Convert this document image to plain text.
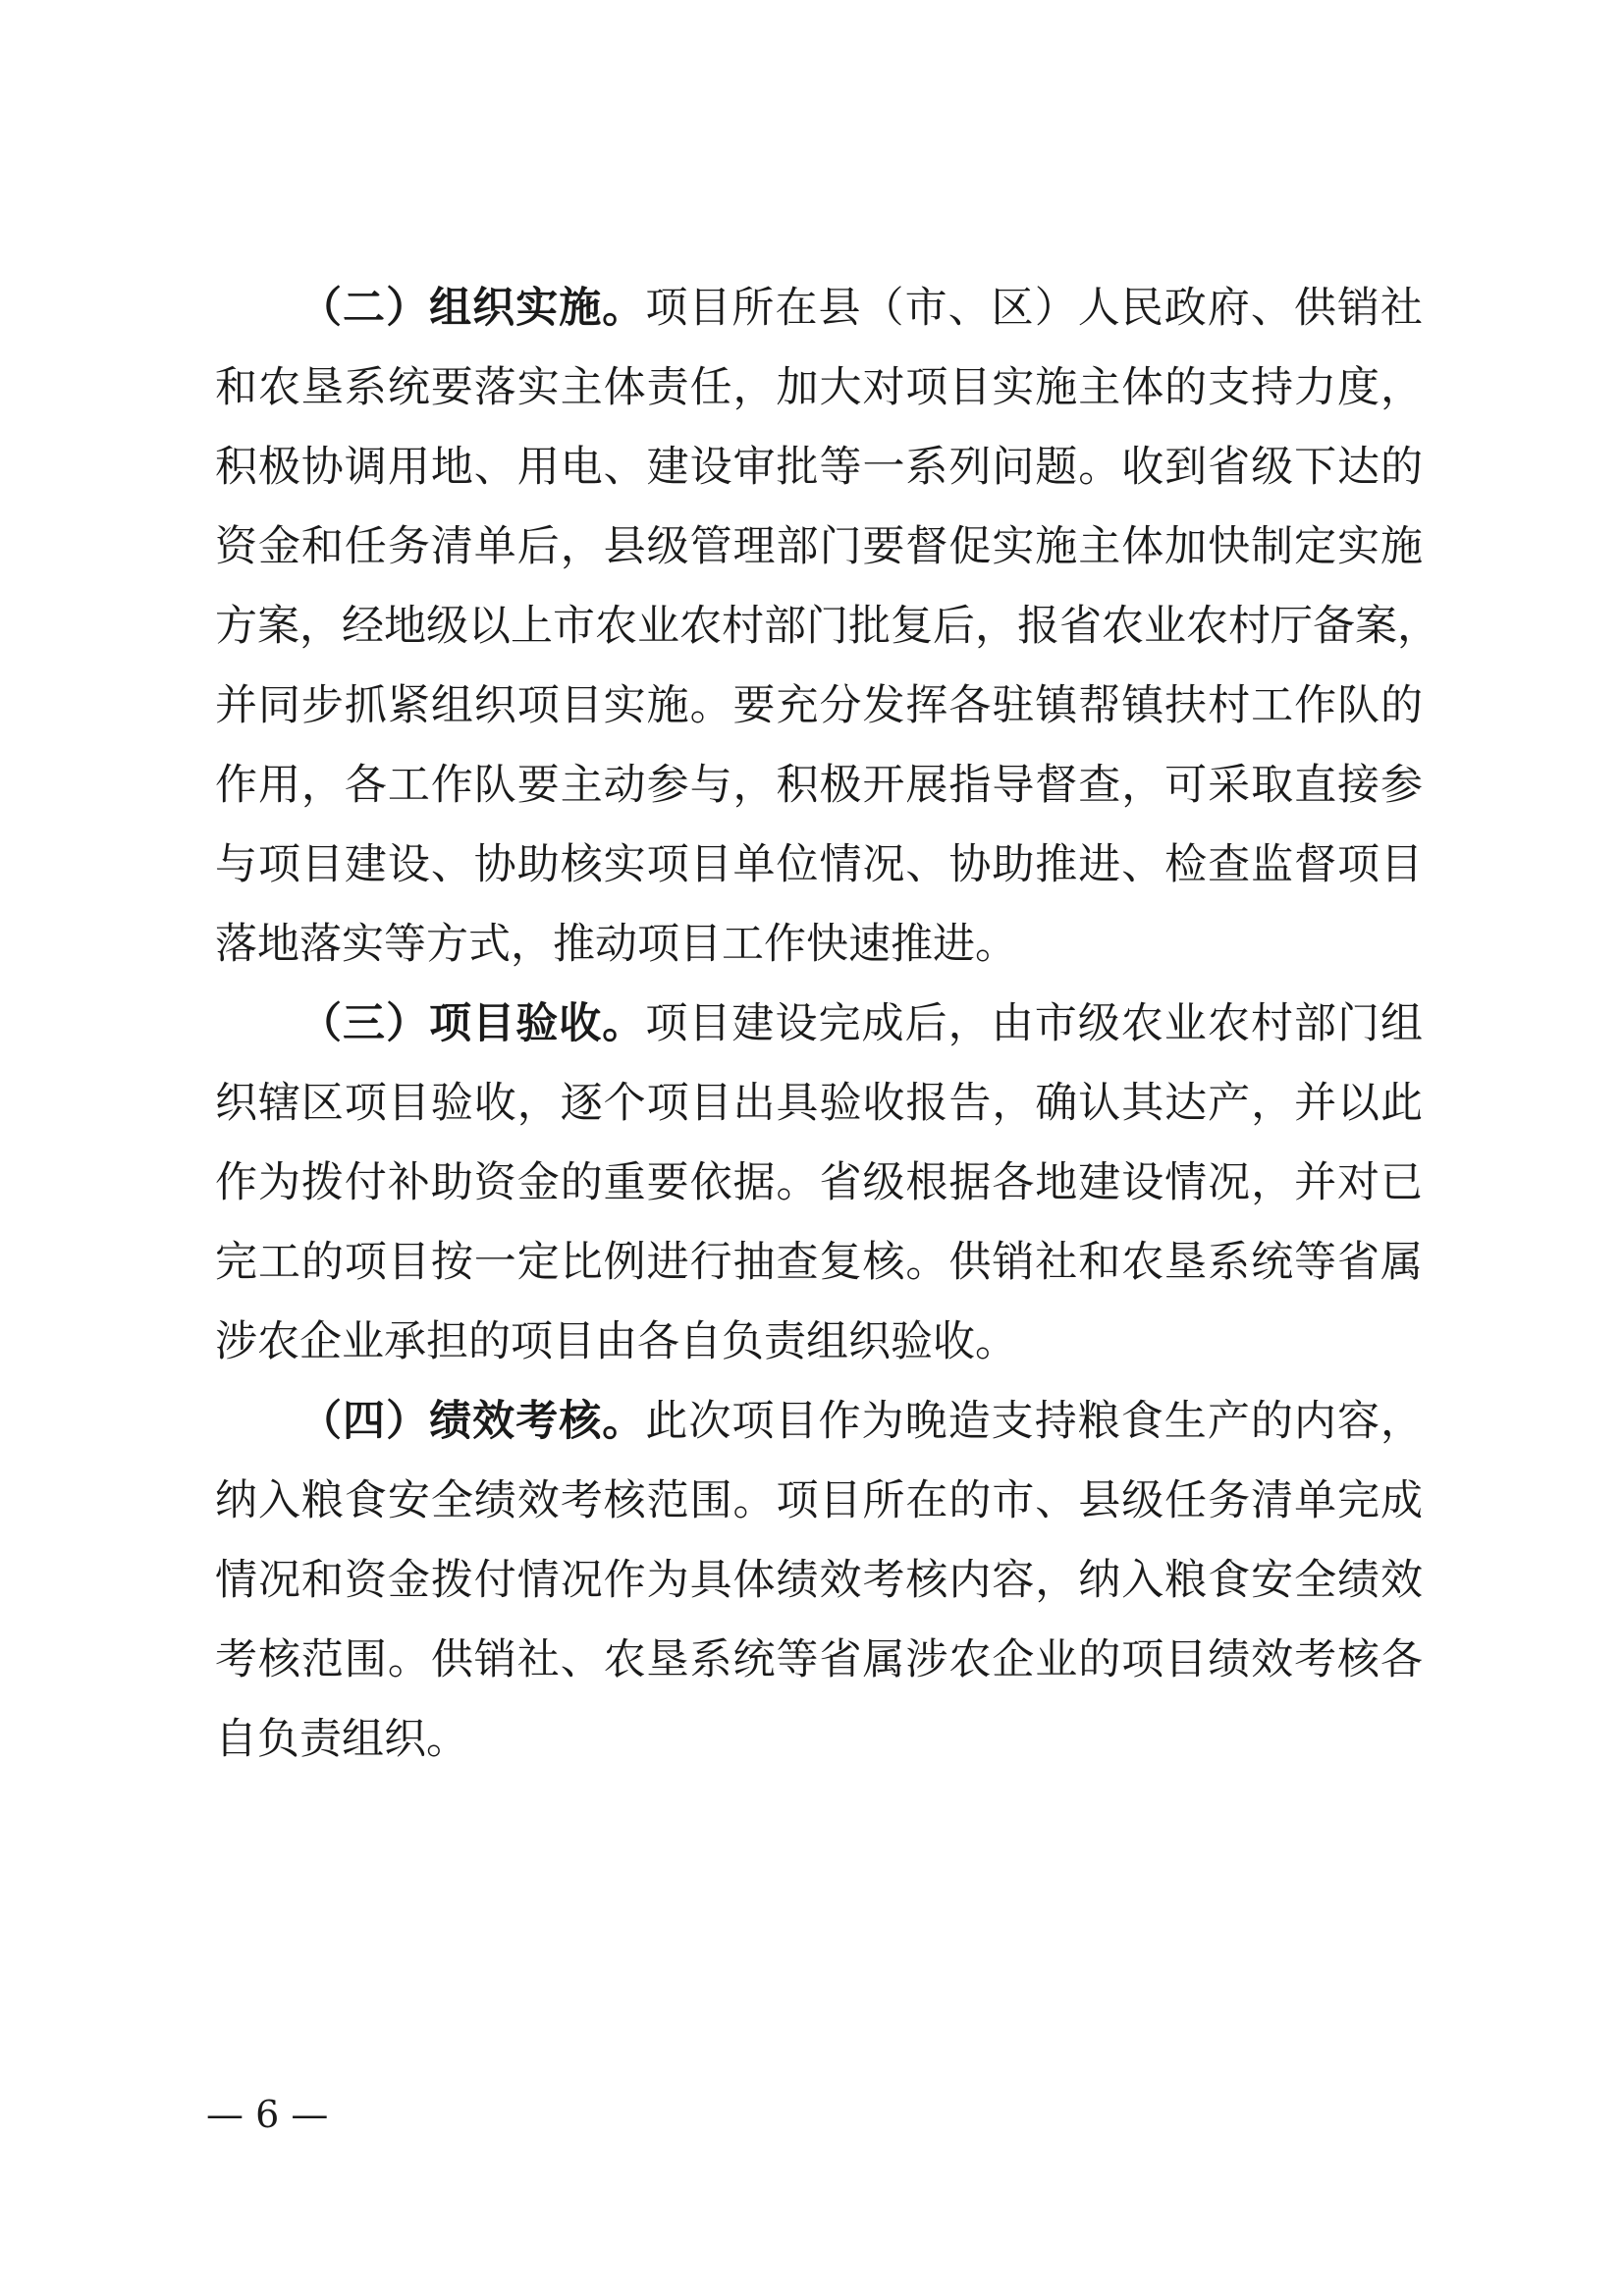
（二）组织实施。项目所在县（市、区）人民政府、供销社
和农垦系统要落实主体责任，加大对项目实施主体的支持力度，
积极协调用地、用电、建设审批等一系列问题。收到省级下达的
资金和任务清单后，县级管理部门要督促实施主体加快制定实施
方案，经地级以上市农业农村部门批复后，报省农业农村厅备案，
并同步抓紧组织项目实施。要充分发挥各驻镇帮镇扶村工作队的
作用，各工作队要主动参与，积极开展指导督查，可采取直接参
与项目建设、协助核实项目单位情况、协助推进、检查监督项目
落地落实等方式，推动项目工作快速推进。
（三）项目验收。项目建设完成后，由市级农业农村部门组
织辖区项目验收，逐个项目出具验收报告，确认其达产，并以此
作为拨付补助资金的重要依据。省级根据各地建设情况，并对已
完工的项目按一定比例进行抽查复核。供销社和农垦系统等省属
涉农企业承担的项目由各自负责组织验收。
（四）绩效考核。此次项目作为晚造支持粮食生产的内容，
纳入粮食安全绩效考核范围。项目所在的市、县级任务清单完成
情况和资金拨付情况作为具体绩效考核内容，纳入粮食安全绩效
考核范围。供销社、农垦系统等省属涉农企业的项目绩效考核各
自负责组织。
— 6 —
